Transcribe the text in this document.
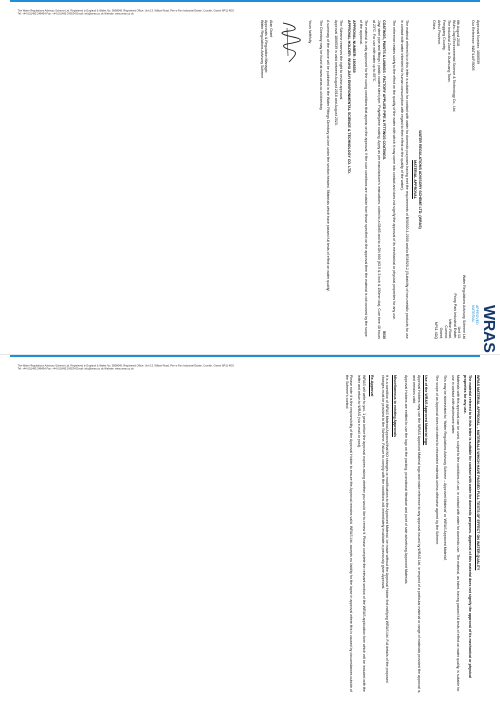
The Water Regulations Advisory Scheme Ltd. Registered in England & Wales No. 3808048. Registered Office: Unit 13, Willow Road, Pen-y-Fan Industrial Estate, Crumlin, Gwent NP11 4EG
Tel: +44 (0)1495 248454 Fax: +44 (0)1495 249234 Email: info@wras.co.uk Website: www.wras.co.uk
WRAS
APPROVED MATERIAL
Water Regulations Advisory Scheme Ltd
Unit 13,
Priory Park Industrial Estate,
Ivitton Road,
Cumnor,
Gwent,
NP11 4DQ
Approval Number: 1806539
Our Reference: MAT/LA/F/8005
6th August 2018
Wuhu Jiayi Environmental Science & Technology Co., Ltd.
The Industrial Zone in Ouzhuang Town,
Fenggang Country,
Anhui Province,
China
WATER REGULATIONS ADVISORY SCHEME LTD. (WRAS)
MATERIAL APPROVAL

The material referred to in this letter is suitable for contact with water for domestic purposes having met the requirements of BS6920-1:2000 and/or BS6920-2 (Suitability of non-metallic products for use in contact with water intended for human consumption with regard to their effect on the quality of the water).

The reference relates solely to the effect on the quality of the water with which it may come into contact and does not signify the approval of its mechanical or physical properties for any use.

COATINGS, PAINTS & LININGS : FACTORY APPLIED PIPE & FITTINGS COATINGS.
5030

Jiayi steel pipe and fittings / plastic coated steel pipe. Polyethylene coating. Apply as per manufacturer's instructions: coiled to a DN65 and to a DN 600 (63.5 & 3 inch & 150mm dia). Cure time 48 hours at 23°C. For use with water up to 85°C.

The material is only approved for the curing conditions that appear on the approval. If the cure conditions are outside from those specified on the approval then the material is not covered by the scope of the approval.

APPROVAL NUMBER: 1806539
APPROVAL HOLDER: WUHU JIAYI ENVIRONMENTAL SCIENCE & TECHNOLOGY CO. LTD.

The Scheme reserves the right to review approval.

Approval 1806539 is valid between August 2018 and August 2023.

A summary of the above will be published in the Water Fittings Directory on-line under the section headed, 'Materials which have passed full tests of effect on water quality'.

The Directory may be found at www.wras.co.uk/directory

Yours faithfully
Alan Grant
Approvals & Regulation Manager
Water Regulations Advisory Scheme
The Water Regulations Advisory Scheme Ltd. Registered in England & Wales No. 3808048. Registered Office: Unit 13, Willow Road, Pen-y-Fan Industrial Estate, Crumlin, Gwent NP11 4EG
Tel: +44 (0)1495 248454 Fax: +44 (0)1495 249234 Email: info@wras.co.uk Website: www.wras.co.uk
WRAS MATERIAL APPROVAL – MATERIALS WHICH HAVE PASSED FULL TESTS OF EFFECT ON WATER QUALITY

The material referred to in this letter is suitable for contact with water for domestic purposes. Approval of this material does not signify the approval of its mechanical or physical properties for any use.

Materials with this approval can be used, subject to the conditions of use, in contact with water for domestic use. The material, as listed, having passed full tests of effect on water quality, is suitable for use in contact with wholesome water.

This may be abbreviated to: 'Water Regulations Advisory Scheme – Approved Material' or 'WRAS Approved Material'.

The scope of an Approval does not extend to rebranded materials unless otherwise agreed by the Scheme.

Use of the WRAS Approved Material logo

Approval Holders may use the WRAS Approved Material logo and make reference to any approval issued by WRAS Ltd. in respect of a particular material or range of materials provided the approval is, and remains valid.

Approval Holders are entitled to use the logo on the packing, promotional literature and point of sale advertising Approved Materials.

Miscellaneous to existing Approvals

It is a condition of WRAS Material Approval that NO changes or modifications to the Approved Material, be made without the Approval Holder first notifying WRAS Ltd. Full details of the proposed changes must be provided to the Scheme. Failure to comply with the conditions will immediately invalidate a previously given Approval.

Re-Approval

WRAS will write to you, 1 year before the approval expires asking whether you would like to renew it. Please complete the relevant section of the WRAS application form which will be included with the letter and return to WRAS (via e-mail or post).

Please note it is the responsibility of the Approval Holder to ensure the Approval remains valid. WRAS Ltd. accepts no liability for the lapse in approval where this is caused by circumstances outside of the Scheme's control.
